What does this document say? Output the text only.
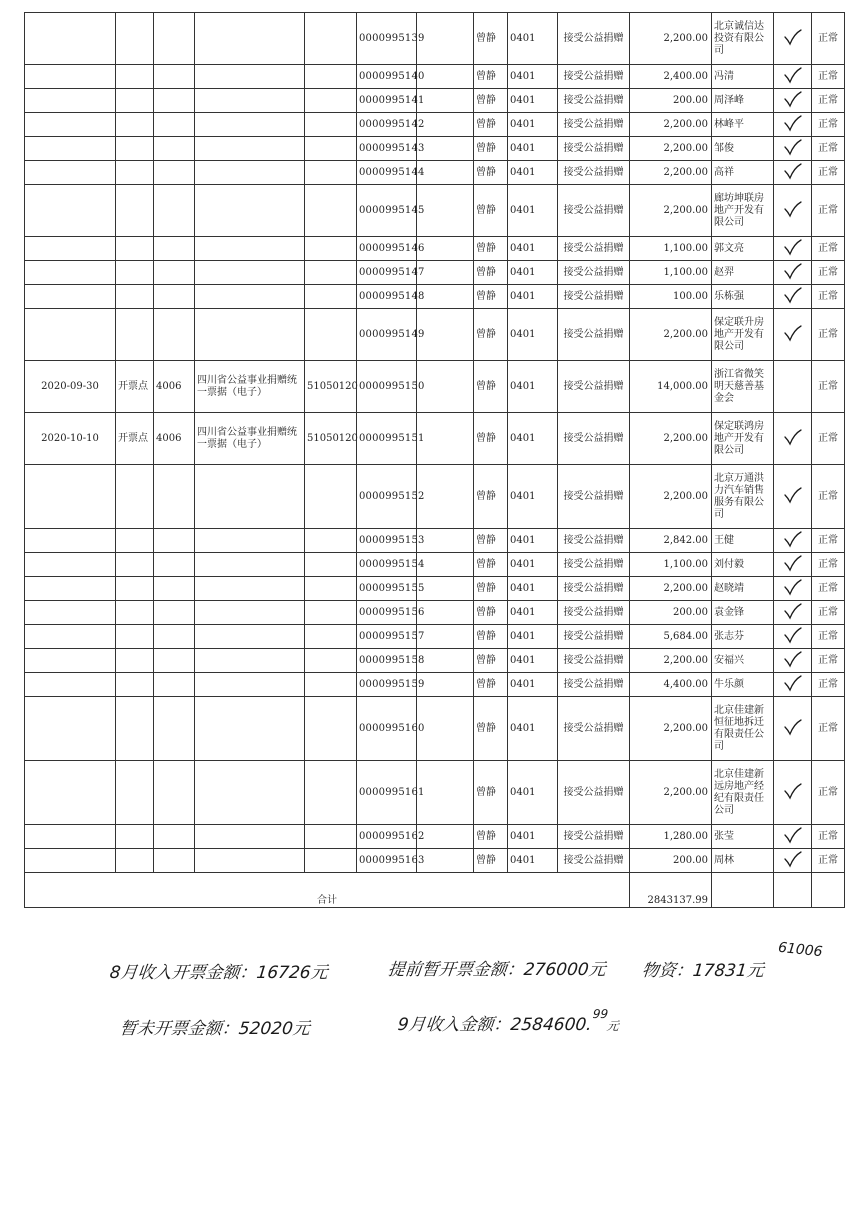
					0000995139		曾静	0401	接受公益捐赠	2,200.00	北京诚信达投资有限公司		正常
					0000995140		曾静	0401	接受公益捐赠	2,400.00	冯清		正常
					0000995141		曾静	0401	接受公益捐赠	200.00	周泽峰		正常
					0000995142		曾静	0401	接受公益捐赠	2,200.00	林峰平		正常
					0000995143		曾静	0401	接受公益捐赠	2,200.00	邹俊		正常
					0000995144		曾静	0401	接受公益捐赠	2,200.00	高祥		正常
					0000995145		曾静	0401	接受公益捐赠	2,200.00	廊坊坤联房地产开发有限公司		正常
					0000995146		曾静	0401	接受公益捐赠	1,100.00	郭文亮		正常
					0000995147		曾静	0401	接受公益捐赠	1,100.00	赵羿		正常
					0000995148		曾静	0401	接受公益捐赠	100.00	乐栋强		正常
					0000995149		曾静	0401	接受公益捐赠	2,200.00	保定联升房地产开发有限公司		正常
2020-09-30	开票点	4006	四川省公益事业捐赠统一票据（电子）	51050120	0000995150		曾静	0401	接受公益捐赠	14,000.00	浙江省微笑明天慈善基金会		正常
2020-10-10	开票点	4006	四川省公益事业捐赠统一票据（电子）	51050120	0000995151		曾静	0401	接受公益捐赠	2,200.00	保定联鸿房地产开发有限公司		正常
					0000995152		曾静	0401	接受公益捐赠	2,200.00	北京万通洪力汽车销售服务有限公司		正常
					0000995153		曾静	0401	接受公益捐赠	2,842.00	王健		正常
					0000995154		曾静	0401	接受公益捐赠	1,100.00	刘付毅		正常
					0000995155		曾静	0401	接受公益捐赠	2,200.00	赵晓靖		正常
					0000995156		曾静	0401	接受公益捐赠	200.00	袁金锋		正常
					0000995157		曾静	0401	接受公益捐赠	5,684.00	张志芬		正常
					0000995158		曾静	0401	接受公益捐赠	2,200.00	安福兴		正常
					0000995159		曾静	0401	接受公益捐赠	4,400.00	牛乐颜		正常
					0000995160		曾静	0401	接受公益捐赠	2,200.00	北京佳建新恒征地拆迁有限责任公司		正常
					0000995161		曾静	0401	接受公益捐赠	2,200.00	北京佳建新远房地产经纪有限责任公司		正常
					0000995162		曾静	0401	接受公益捐赠	1,280.00	张莹		正常
					0000995163		曾静	0401	接受公益捐赠	200.00	周林		正常
合计										2843137.99			
8月收入开票金额：16726元	提前暂开票金额：276000元 物资：17831元
61006
暂未开票金额：52020元	9月收入金额：2584600.99元
